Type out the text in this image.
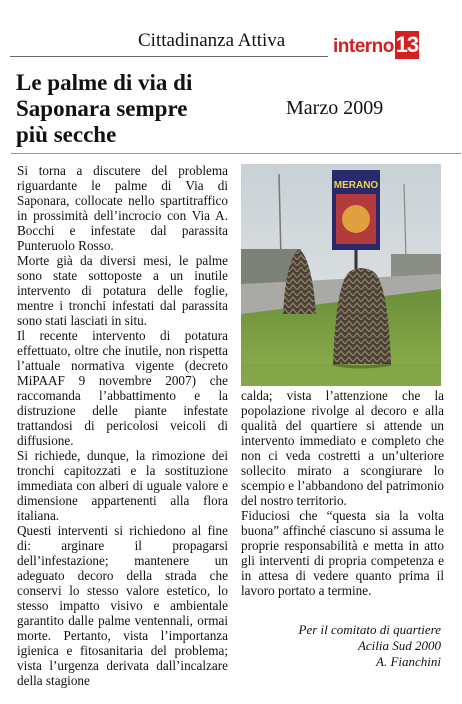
Cittadinanza Attiva	interno13
Le palme di via di Saponara sempre più secche
Marzo 2009

Si torna a discutere del problema riguardante le palme di Via di Saponara, collocate nello spartitraffico in prossimità dell’incrocio con Via A. Bocchi e infestate dal parassita Punteruolo Rosso.

Morte già da diversi mesi, le palme sono state sottoposte a un inutile intervento di potatura delle foglie, mentre i tronchi infestati dal parassita sono stati lasciati in situ.

Il recente intervento di potatura effettuato, oltre che inutile, non rispetta l’attuale normativa vigente (decreto MiPAAF 9 novembre 2007) che raccomanda l’abbattimento e la distruzione delle piante infestate trattandosi di pericolosi veicoli di diffusione.

Si richiede, dunque, la rimozione dei tronchi capitozzati e la sostituzione immediata con alberi di uguale valore e dimensione appartenenti alla flora italiana.

Questi interventi si richiedono al fine di: arginare il propagarsi dell’infestazione; mantenere un adeguato decoro della strada che conservi lo stesso valore estetico, lo stesso impatto visivo e ambientale garantito dalle palme ventennali, ormai morte. Pertanto, vista l’importanza igienica e fitosanitaria del problema; vista l’urgenza derivata dall’incalzare della stagione

MERANO

calda; vista l’attenzione che la popolazione rivolge al decoro e alla qualità del quartiere si attende un intervento immediato e completo che non ci veda costretti a un’ulteriore sollecito mirato a scongiurare lo scempio e l’abbandono del patrimonio del nostro territorio.

Fiduciosi che “questa sia la volta buona” affinché ciascuno si assuma le proprie responsabilità e metta in atto gli interventi di propria competenza e in attesa di vedere quanto prima il lavoro portato a termine.

Per il comitato di quartiere
Acilia Sud 2000
A. Fianchini
